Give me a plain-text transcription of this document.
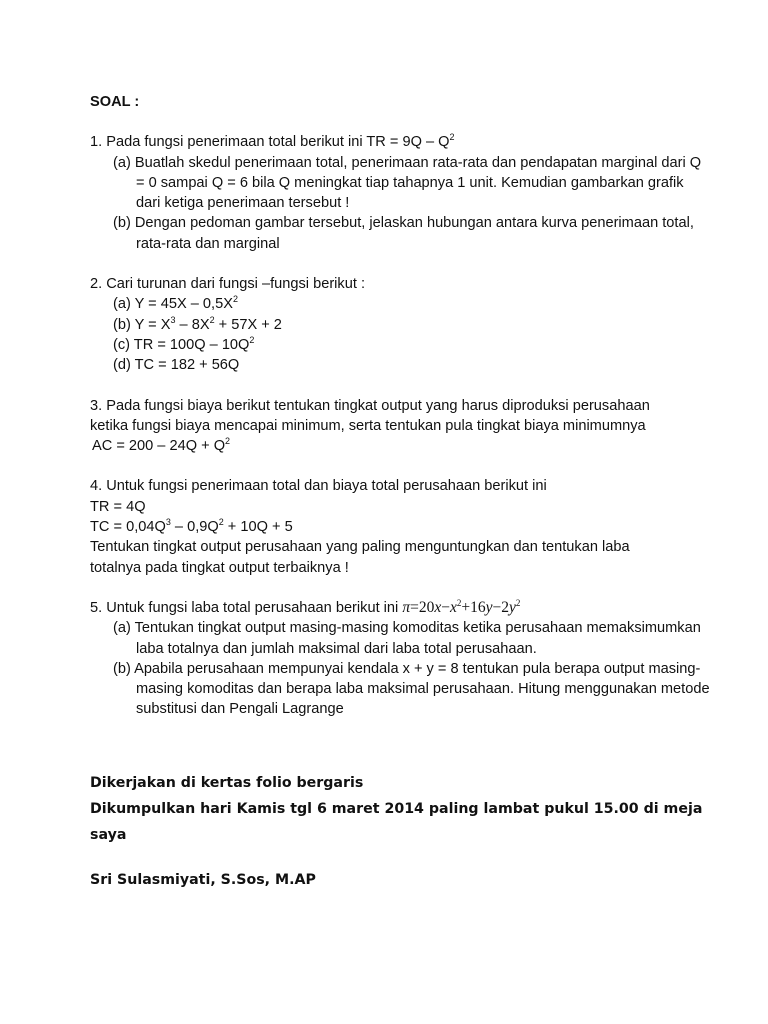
SOAL :

1. Pada fungsi penerimaan total berikut ini TR = $9Q - Q^2$

(a) Buatlah skedul penerimaan total, penerimaan rata-rata dan pendapatan marginal dari Q = 0 sampai Q = 6 bila Q meningkat tiap tahapnya 1 unit. Kemudian gambarkan grafik dari ketiga penerimaan tersebut !

(b) Dengan pedoman gambar tersebut, jelaskan hubungan antara kurva penerimaan total, rata-rata dan marginal

2. Cari turunan dari fungsi –fungsi berikut :

(a) $Y = 45X - 0,5X^2$

(b) $Y = X^3 - 8X^2 + 57X + 2$

(c) TR = $100Q - 10Q^2$

(d) TC = 182 + 56Q

3. Pada fungsi biaya berikut tentukan tingkat output yang harus diproduksi perusahaan

ketika fungsi biaya mencapai minimum, serta tentukan pula tingkat biaya minimumnya

AC = $200 - 24Q + Q^2$

4. Untuk fungsi penerimaan total dan biaya total perusahaan berikut ini

TR = 4Q

TC = $0,04Q^3 - 0,9Q^2 + 10Q + 5$

Tentukan tingkat output perusahaan yang paling menguntungkan dan tentukan laba

totalnya pada tingkat output terbaiknya !

5. Untuk fungsi laba total perusahaan berikut ini $\pi=20x-x^2+16y-2y^2$

(a) Tentukan tingkat output masing-masing komoditas ketika perusahaan memaksimumkan laba totalnya dan jumlah maksimal dari laba total perusahaan.

(b) Apabila perusahaan mempunyai kendala x + y = 8 tentukan pula berapa output masing-masing komoditas dan berapa laba maksimal perusahaan. Hitung menggunakan metode substitusi dan Pengali Lagrange

Dikerjakan di kertas folio bergaris

Dikumpulkan hari Kamis tgl 6 maret 2014 paling lambat pukul 15.00 di meja saya

Sri Sulasmiyati, S.Sos, M.AP
